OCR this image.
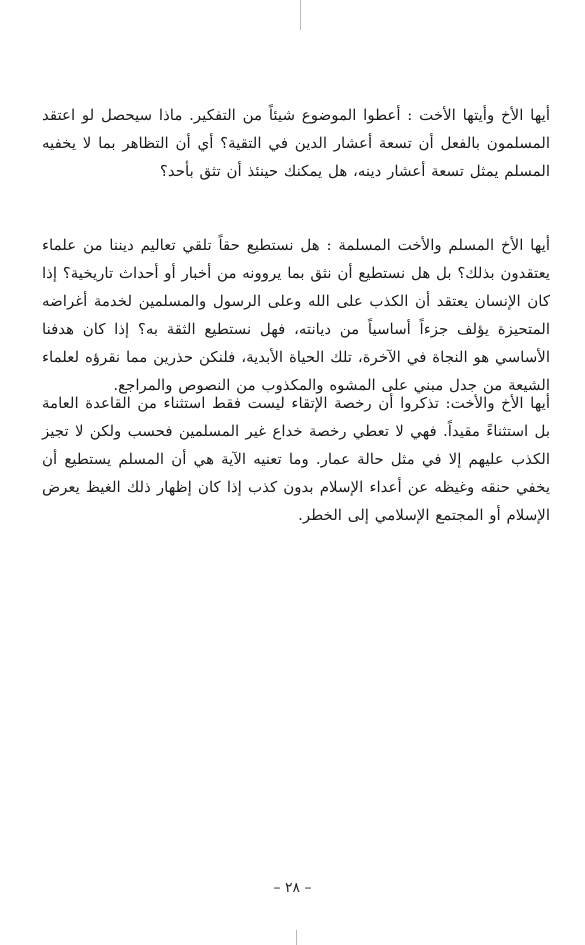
أيها الأخ وأيتها الأخت : أعطوا الموضوع شيئاً من التفكير. ماذا سيحصل لو اعتقد المسلمون بالفعل أن تسعة أعشار الدين في التقية؟ أي أن التظاهر بما لا يخفيه المسلم يمثل تسعة أعشار دينه، هل يمكنك حينئذ أن تثق بأحد؟

أيها الأخ المسلم والأخت المسلمة : هل نستطيع حقاً تلقي تعاليم ديننا من علماء يعتقدون بذلك؟ بل هل نستطيع أن نثق بما يروونه من أخبار أو أحداث تاريخية؟ إذا كان الإنسان يعتقد أن الكذب على الله وعلى الرسول والمسلمين لخدمة أغراضه المتحيزة يؤلف جزءاً أساسياً من ديانته، فهل نستطيع الثقة به؟ إذا كان هدفنا الأساسي هو النجاة في الآخرة، تلك الحياة الأبدية، فلنكن حذرين مما نقرؤه لعلماء الشيعة من جدل مبني على المشوه والمكذوب من النصوص والمراجع.

أيها الأخ والأخت: تذكروا أن رخصة الإتقاء ليست فقط استثناء من القاعدة العامة بل استثناءً مقيداً. فهي لا تعطي رخصة خداع غير المسلمين فحسب ولكن لا تجيز الكذب عليهم إلا في مثل حالة عمار. وما تعنيه الآية هي أن المسلم يستطيع أن يخفي حنقه وغيظه عن أعداء الإسلام بدون كذب إذا كان إظهار ذلك الغيظ يعرض الإسلام أو المجتمع الإسلامي إلى الخطر.

– ٢٨ –
